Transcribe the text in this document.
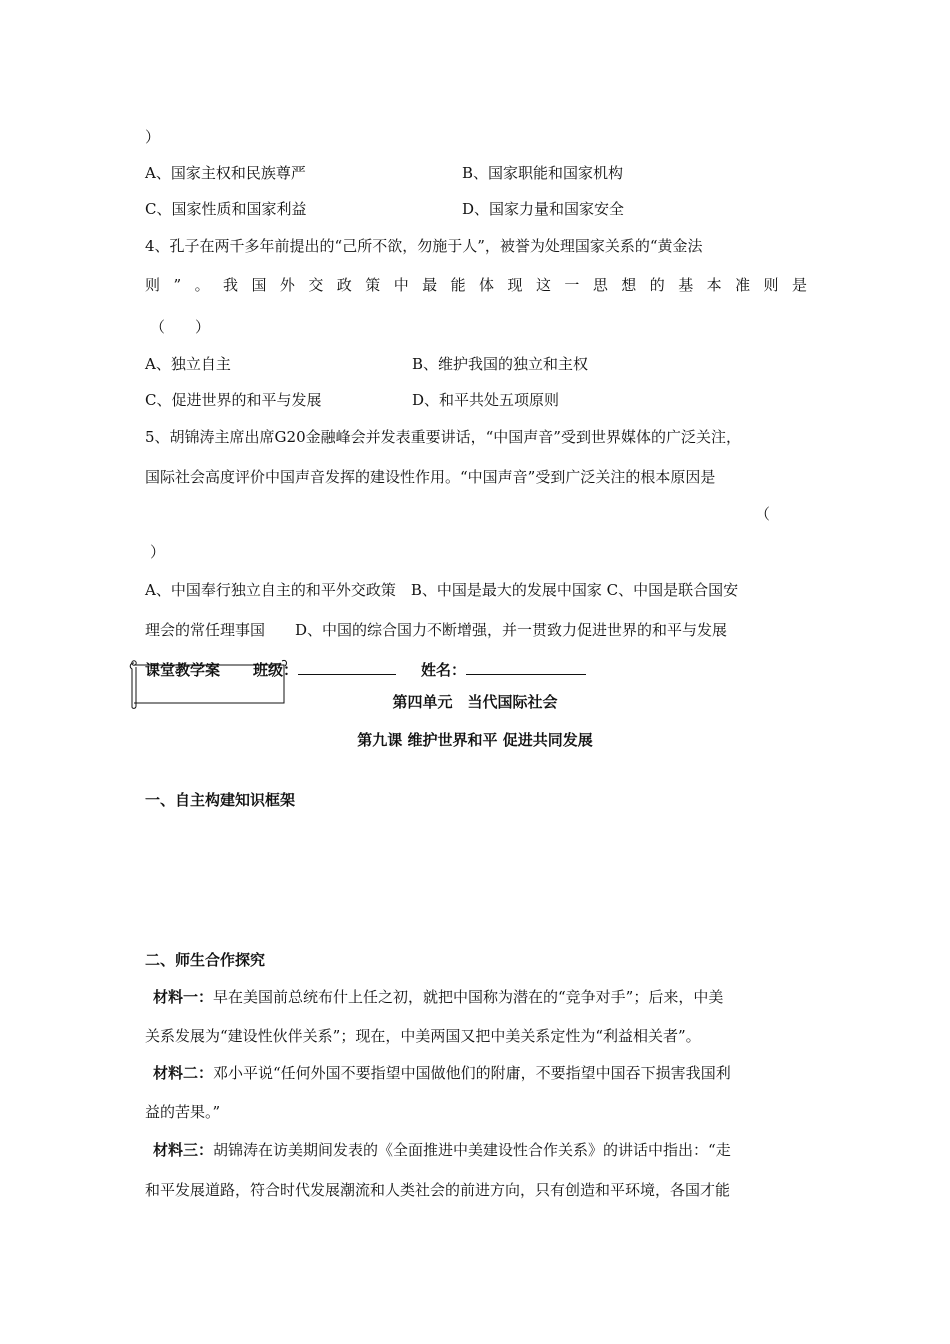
）
A、国家主权和民族尊严	B、国家职能和国家机构
C、国家性质和国家利益	D、国家力量和国家安全
4、孔子在两千多年前提出的“己所不欲，勿施于人”，被誉为处理国家关系的“黄金法
则”。我国外交政策中最能体现这一思想的基本准则是
（　　）
A、独立自主	B、维护我国的独立和主权
C、促进世界的和平与发展	D、和平共处五项原则
5、胡锦涛主席出席G20金融峰会并发表重要讲话，“中国声音”受到世界媒体的广泛关注，
国际社会高度评价中国声音发挥的建设性作用。“中国声音”受到广泛关注的根本原因是
（
）
A、中国奉行独立自主的和平外交政策　B、中国是最大的发展中国家 C、中国是联合国安
理会的常任理事国　　D、中国的综合国力不断增强，并一贯致力促进世界的和平与发展
课堂教学案 班级：	姓名：
第四单元　当代国际社会
第九课 维护世界和平 促进共同发展
一、自主构建知识框架
二、师生合作探究
材料一：早在美国前总统布什上任之初，就把中国称为潜在的“竞争对手”；后来，中美
关系发展为“建设性伙伴关系”；现在，中美两国又把中美关系定性为“利益相关者”。
材料二：邓小平说“任何外国不要指望中国做他们的附庸，不要指望中国吞下损害我国利
益的苦果。”
材料三：胡锦涛在访美期间发表的《全面推进中美建设性合作关系》的讲话中指出：“走
和平发展道路，符合时代发展潮流和人类社会的前进方向，只有创造和平环境，各国才能
